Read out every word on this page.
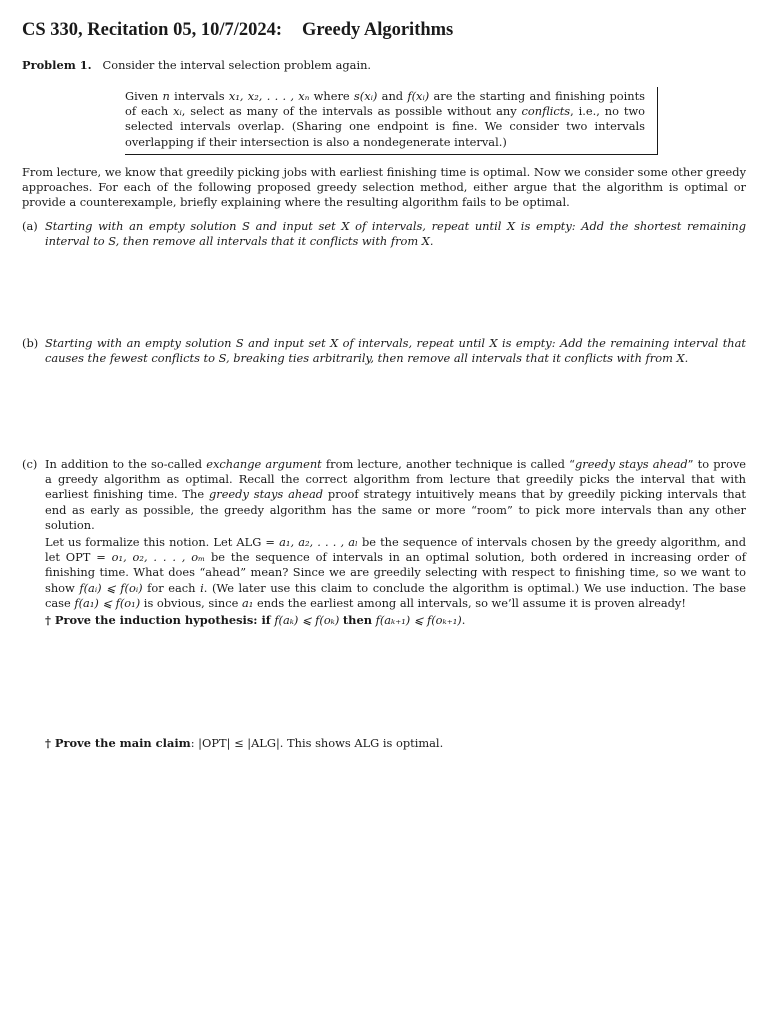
CS 330, Recitation 05, 10/7/2024: Greedy Algorithms
Problem 1. Consider the interval selection problem again.
Given n intervals x₁, x₂, . . . , xₙ where s(xᵢ) and f(xᵢ) are the starting and finishing points of each xᵢ, select as many of the intervals as possible without any conflicts, i.e., no two selected intervals overlap. (Sharing one endpoint is fine. We consider two intervals overlapping if their intersection is also a nondegenerate interval.)
From lecture, we know that greedily picking jobs with earliest finishing time is optimal. Now we consider some other greedy approaches. For each of the following proposed greedy selection method, either argue that the algorithm is optimal or provide a counterexample, briefly explaining where the resulting algorithm fails to be optimal.
(a) Starting with an empty solution S and input set X of intervals, repeat until X is empty: Add the shortest remaining interval to S, then remove all intervals that it conflicts with from X.
(b) Starting with an empty solution S and input set X of intervals, repeat until X is empty: Add the remaining interval that causes the fewest conflicts to S, breaking ties arbitrarily, then remove all intervals that it conflicts with from X.
(c) In addition to the so-called exchange argument from lecture, another technique is called “greedy stays ahead” to prove a greedy algorithm as optimal. Recall the correct algorithm from lecture that greedily picks the interval that with earliest finishing time. The greedy stays ahead proof strategy intuitively means that by greedily picking intervals that end as early as possible, the greedy algorithm has the same or more “room” to pick more intervals than any other solution.
Let us formalize this notion. Let ALG = a₁, a₂, . . . , aₗ be the sequence of intervals chosen by the greedy algorithm, and let OPT = o₁, o₂, . . . , oₘ be the sequence of intervals in an optimal solution, both ordered in increasing order of finishing time. What does “ahead” mean? Since we are greedily selecting with respect to finishing time, so we want to show f(aᵢ) ⩽ f(oᵢ) for each i. (We later use this claim to conclude the algorithm is optimal.) We use induction. The base case f(a₁) ⩽ f(o₁) is obvious, since a₁ ends the earliest among all intervals, so we’ll assume it is proven already!
† Prove the induction hypothesis: if f(aₖ) ⩽ f(oₖ) then f(aₖ₊₁) ⩽ f(oₖ₊₁).
† Prove the main claim: |OPT| ≤ |ALG|. This shows ALG is optimal.
